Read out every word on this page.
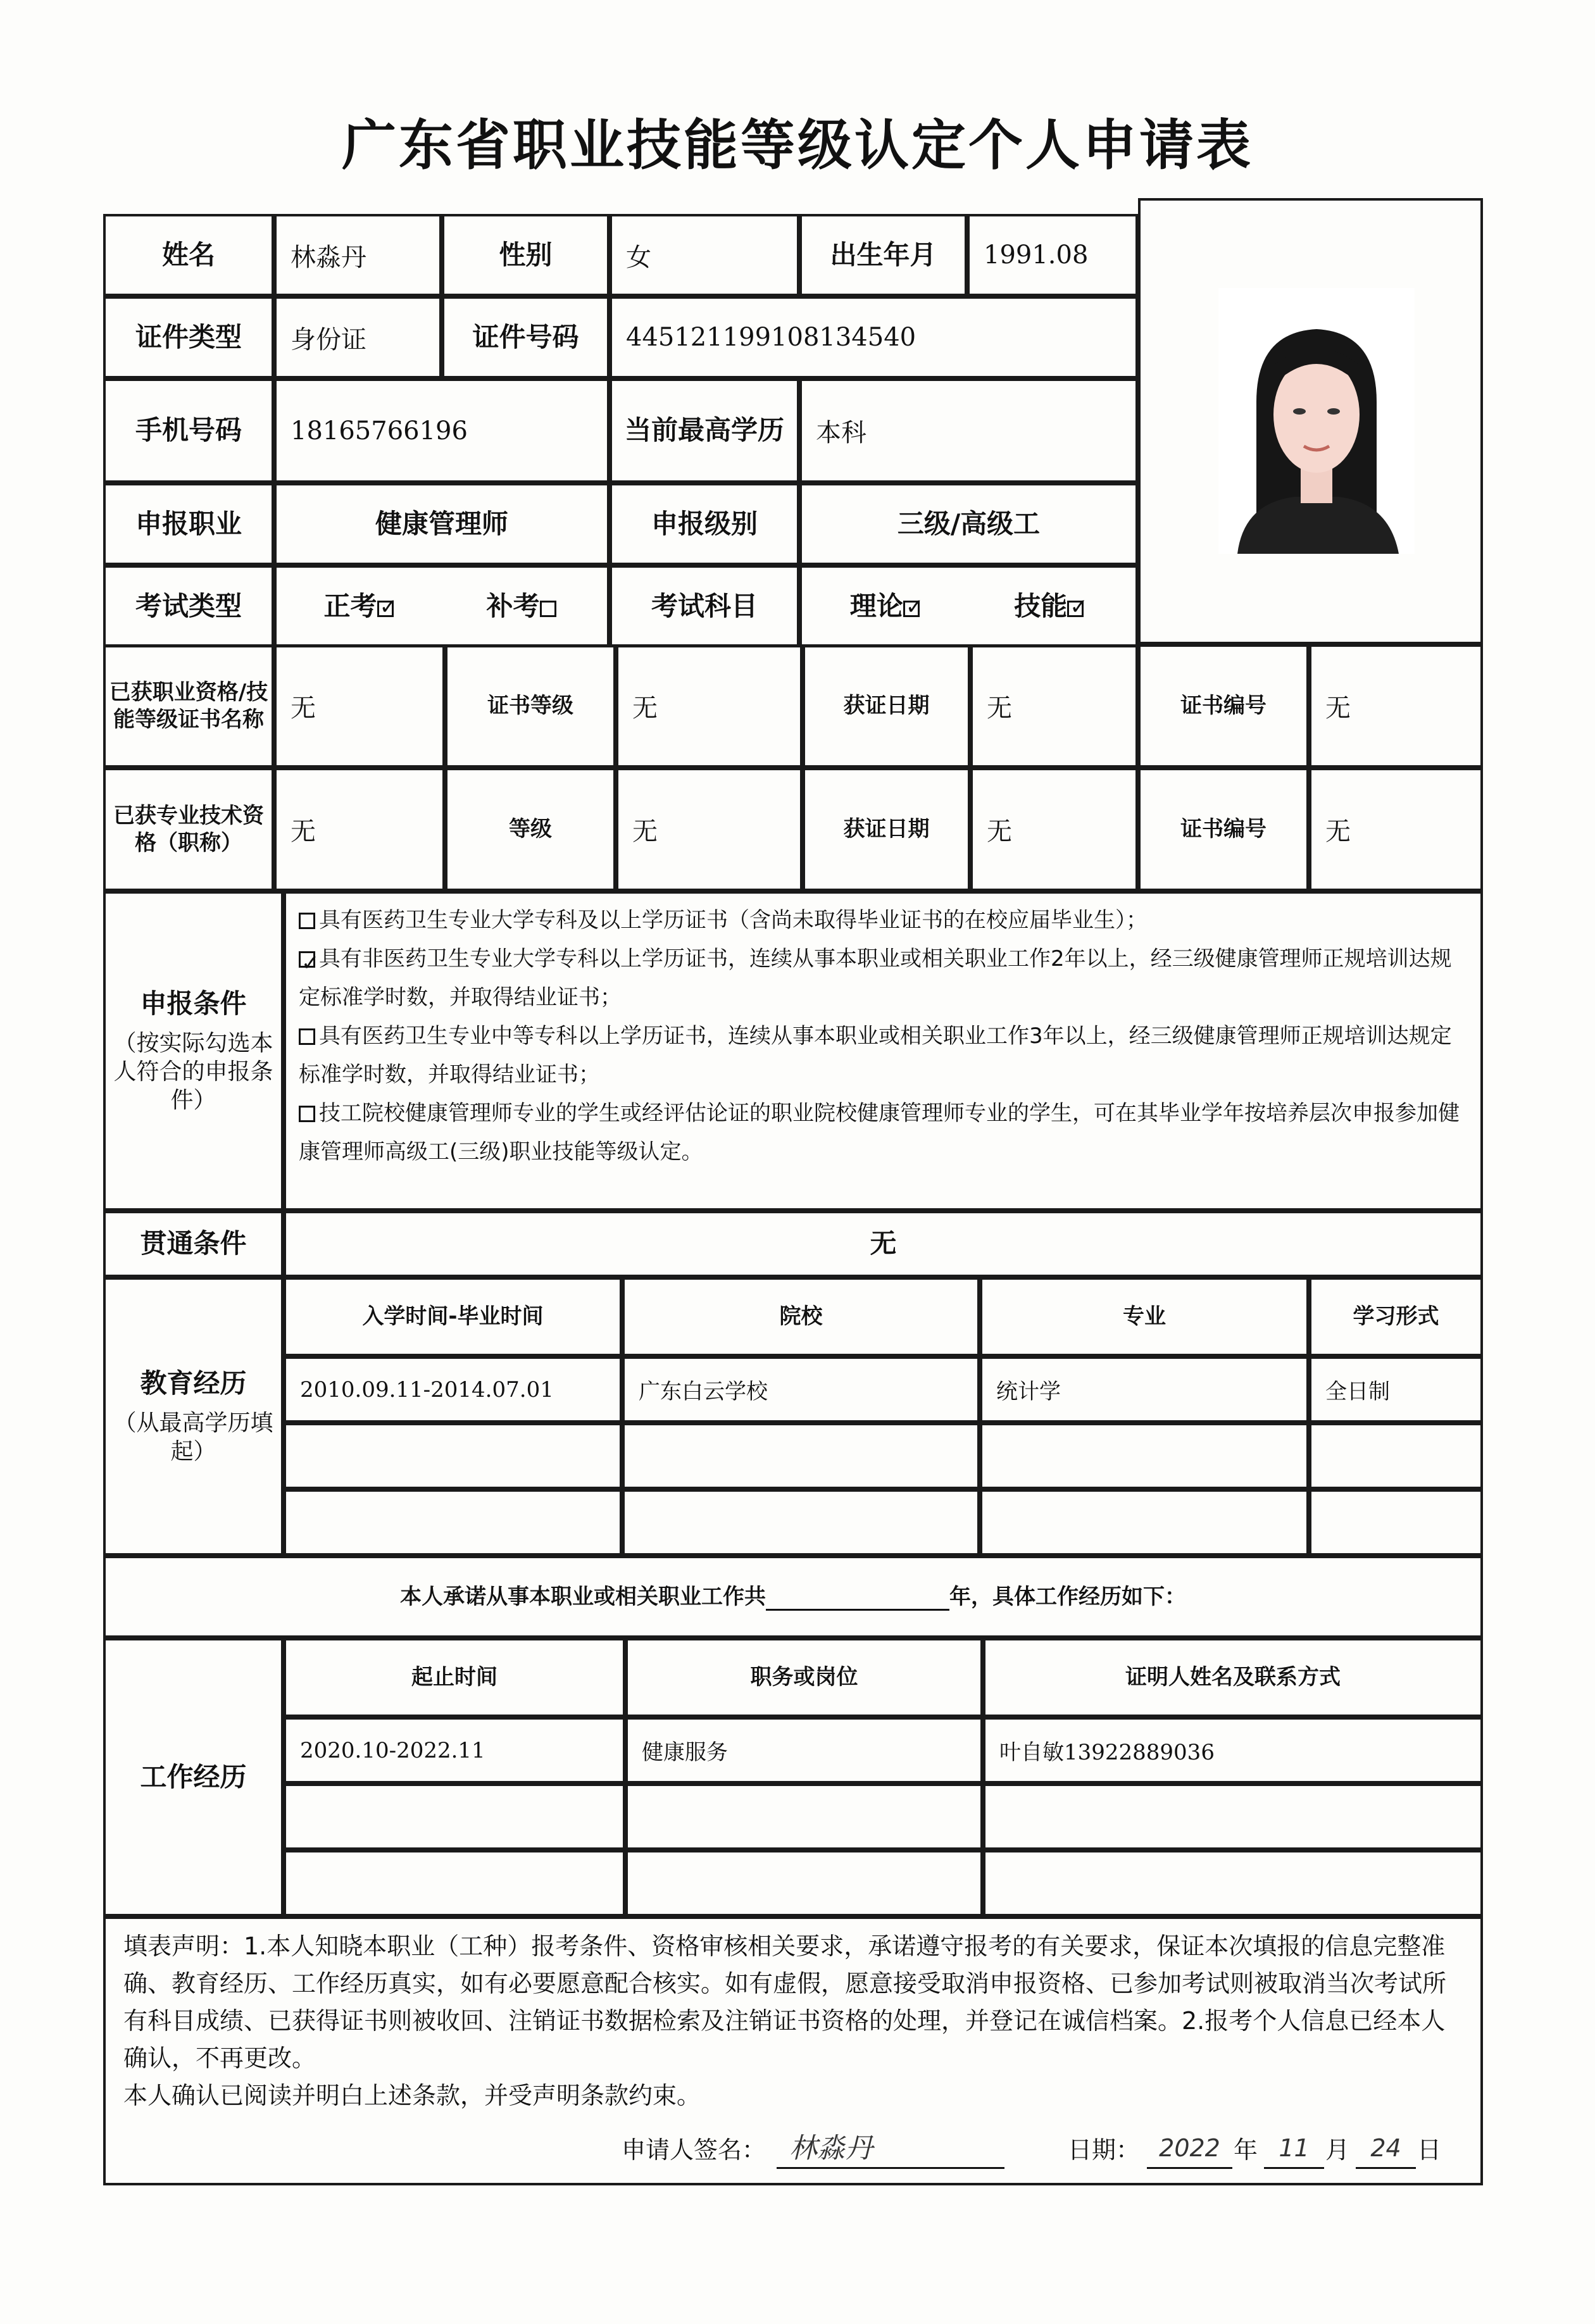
广东省职业技能等级认定个人申请表
姓名	林淼丹	性别	女	出生年月	1991.08
证件类型	身份证	证件号码	445121199108134540
手机号码	18165766196	当前最高学历	本科
申报职业	健康管理师	申报级别	三级/高级工
考试类型	正考 ✓	补考	考试科目	理论 ✓	技能✓
已获职业资格/技能等级证书名称	无	证书等级	无	获证日期	无	证书编号	无
已获专业技术资格（职称）	无	等级	无	获证日期	无	证书编号	无
申报条件
（按实际勾选本人符合的申报条件）
具有医药卫生专业大学专科及以上学历证书（含尚未取得毕业证书的在校应届毕业生）；
✓具有非医药卫生专业大学专科以上学历证书，连续从事本职业或相关职业工作2年以上，经三级健康管理师正规培训达规定标准学时数，并取得结业证书；
具有医药卫生专业中等专科以上学历证书，连续从事本职业或相关职业工作3年以上，经三级健康管理师正规培训达规定标准学时数，并取得结业证书；
技工院校健康管理师专业的学生或经评估论证的职业院校健康管理师专业的学生，可在其毕业学年按培养层次申报参加健康管理师高级工(三级)职业技能等级认定。
贯通条件	无
教育经历
（从最高学历填起）
入学时间-毕业时间	院校	专业	学习形式
2010.09.11-2014.07.01	广东白云学校	统计学	全日制
本人承诺从事本职业或相关职业工作共	年，具体工作经历如下：
工作经历
起止时间	职务或岗位	证明人姓名及联系方式
2020.10-2022.11	健康服务	叶自敏13922889036
填表声明：1.本人知晓本职业（工种）报考条件、资格审核相关要求，承诺遵守报考的有关要求，保证本次填报的信息完整准确、教育经历、工作经历真实，如有必要愿意配合核实。如有虚假，愿意接受取消申报资格、已参加考试则被取消当次考试所有科目成绩、已获得证书则被收回、注销证书数据检索及注销证书资格的处理，并登记在诚信档案。2.报考个人信息已经本人确认，不再更改。
本人确认已阅读并明白上述条款，并受声明条款约束。
申请人签名： 林淼丹	日期： 2022 年 11 月 24 日
